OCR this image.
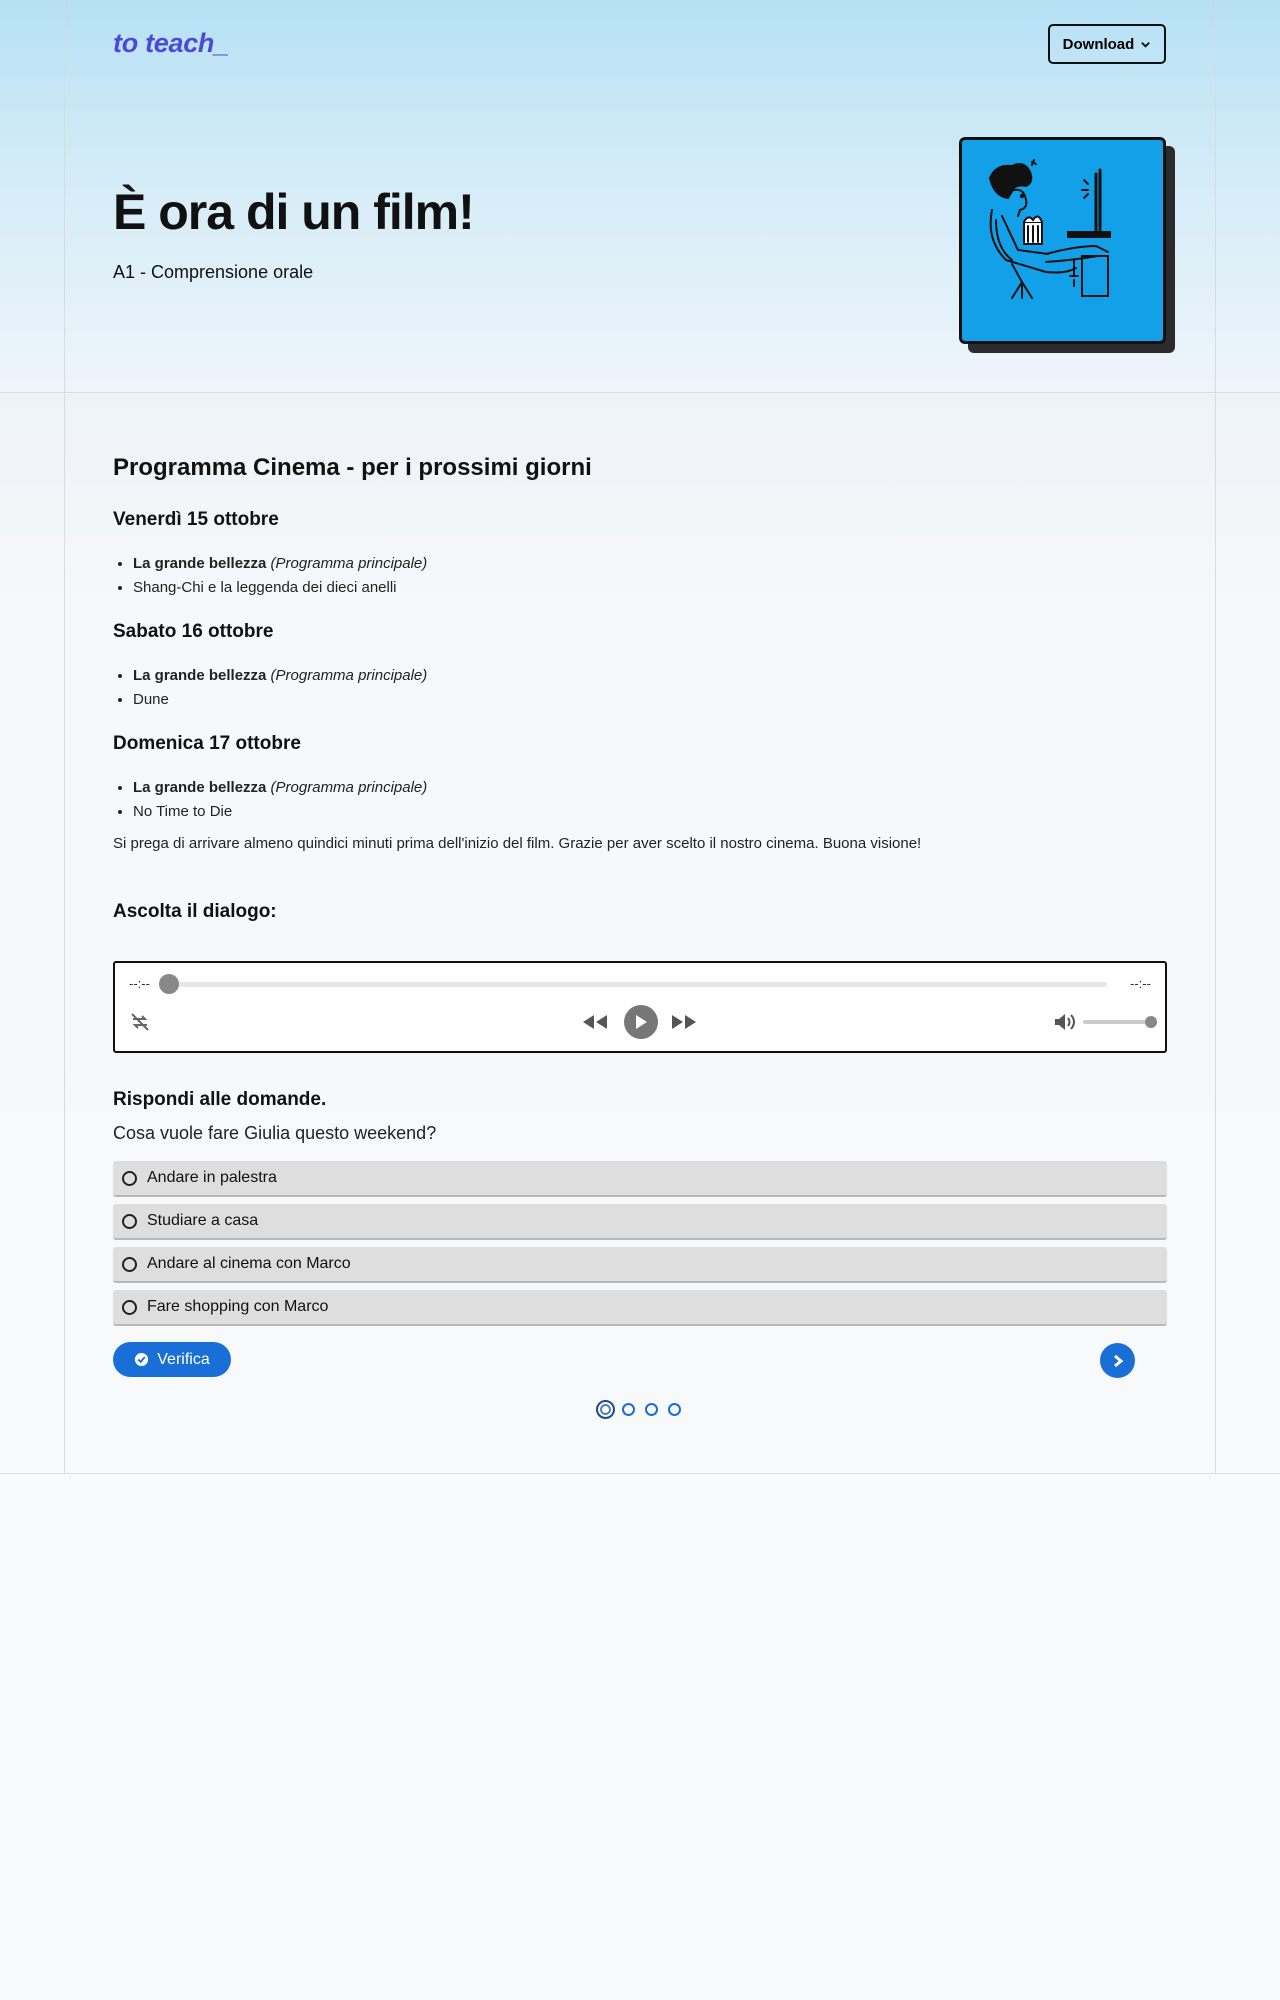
to teach_	Download
È ora di un film!
A1 - Comprensione orale
Programma Cinema - per i prossimi giorni
Venerdì 15 ottobre
• La grande bellezza (Programma principale)
• Shang-Chi e la leggenda dei dieci anelli
Sabato 16 ottobre
• La grande bellezza (Programma principale)
• Dune
Domenica 17 ottobre
• La grande bellezza (Programma principale)
• No Time to Die

Si prega di arrivare almeno quindici minuti prima dell'inizio del film. Grazie per aver scelto il nostro cinema. Buona visione!

Ascolta il dialogo:
--:--	--:--
Rispondi alle domande.

Cosa vuole fare Giulia questo weekend?

Andare in palestra
Studiare a casa
Andare al cinema con Marco
Fare shopping con Marco
Verifica
